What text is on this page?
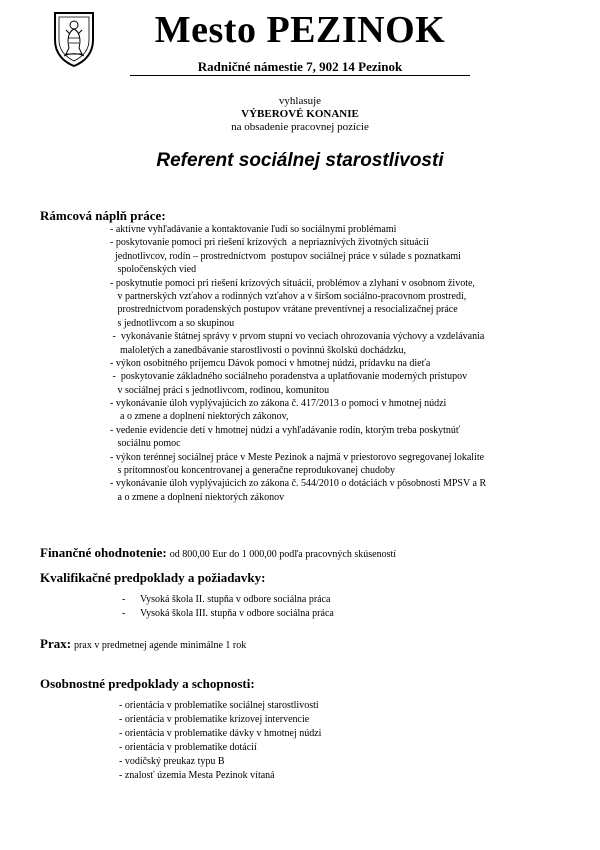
Mesto PEZINOK
Radničné námestie 7, 902 14 Pezinok
vyhlasuje
VÝBEROVÉ KONANIE
na obsadenie pracovnej pozície
Referent sociálnej starostlivosti
Rámcová náplň práce:
- aktívne vyhľadávanie a kontaktovanie ľudí so sociálnymi problémami
- poskytovanie pomoci pri riešení krízových  a nepriaznivých životných situácií
jednotlivcov, rodín – prostredníctvom  postupov sociálnej práce v súlade s poznatkami
spoločenských vied
- poskytnutie pomoci pri riešení krízových situácií, problémov a zlyhaní v osobnom živote,
v partnerských vzťahov a rodinných vzťahov a v širšom sociálno-pracovnom prostredí,
prostredníctvom poradenských postupov vrátane preventívnej a resocializačnej práce
s jednotlivcom a so skupinou
-  vykonávanie štátnej správy v prvom stupni vo veciach ohrozovania výchovy a vzdelávania
maloletých a zanedbávanie starostlivosti o povinnú školskú dochádzku,
- výkon osobitného príjemcu Dávok pomoci v hmotnej núdzi, prídavku na dieťa
-  poskytovanie základného sociálneho poradenstva a uplatňovanie moderných prístupov
v sociálnej práci s jednotlivcom, rodinou, komunitou
- vykonávanie úloh vyplývajúcich zo zákona č. 417/2013 o pomoci v hmotnej núdzi
a o zmene a doplnení niektorých zákonov,
- vedenie evidencie detí v hmotnej núdzi a vyhľadávanie rodín, ktorým treba poskytnúť
sociálnu pomoc
- výkon terénnej sociálnej práce v Meste Pezinok a najmä v priestorovo segregovanej lokalite
s prítomnosťou koncentrovanej a generačne reprodukovanej chudoby
- vykonávanie úloh vyplývajúcich zo zákona č. 544/2010 o dotáciách v pôsobnosti MPSV a R
a o zmene a doplnení niektorých zákonov
Finančné ohodnotenie: od 800,00 Eur do 1 000,00 podľa pracovných skúseností
Kvalifikačné predpoklady a požiadavky:
- Vysoká škola II. stupňa v odbore sociálna práca
- Vysoká škola III. stupňa v odbore sociálna práca
Prax: prax v predmetnej agende minimálne 1 rok
Osobnostné predpoklady a schopnosti:
- orientácia v problematike sociálnej starostlivosti
- orientácia v problematike krízovej intervencie
- orientácia v problematike dávky v hmotnej núdzi
- orientácia v problematike dotácií
- vodičský preukaz typu B
- znalosť územia Mesta Pezinok vítaná
